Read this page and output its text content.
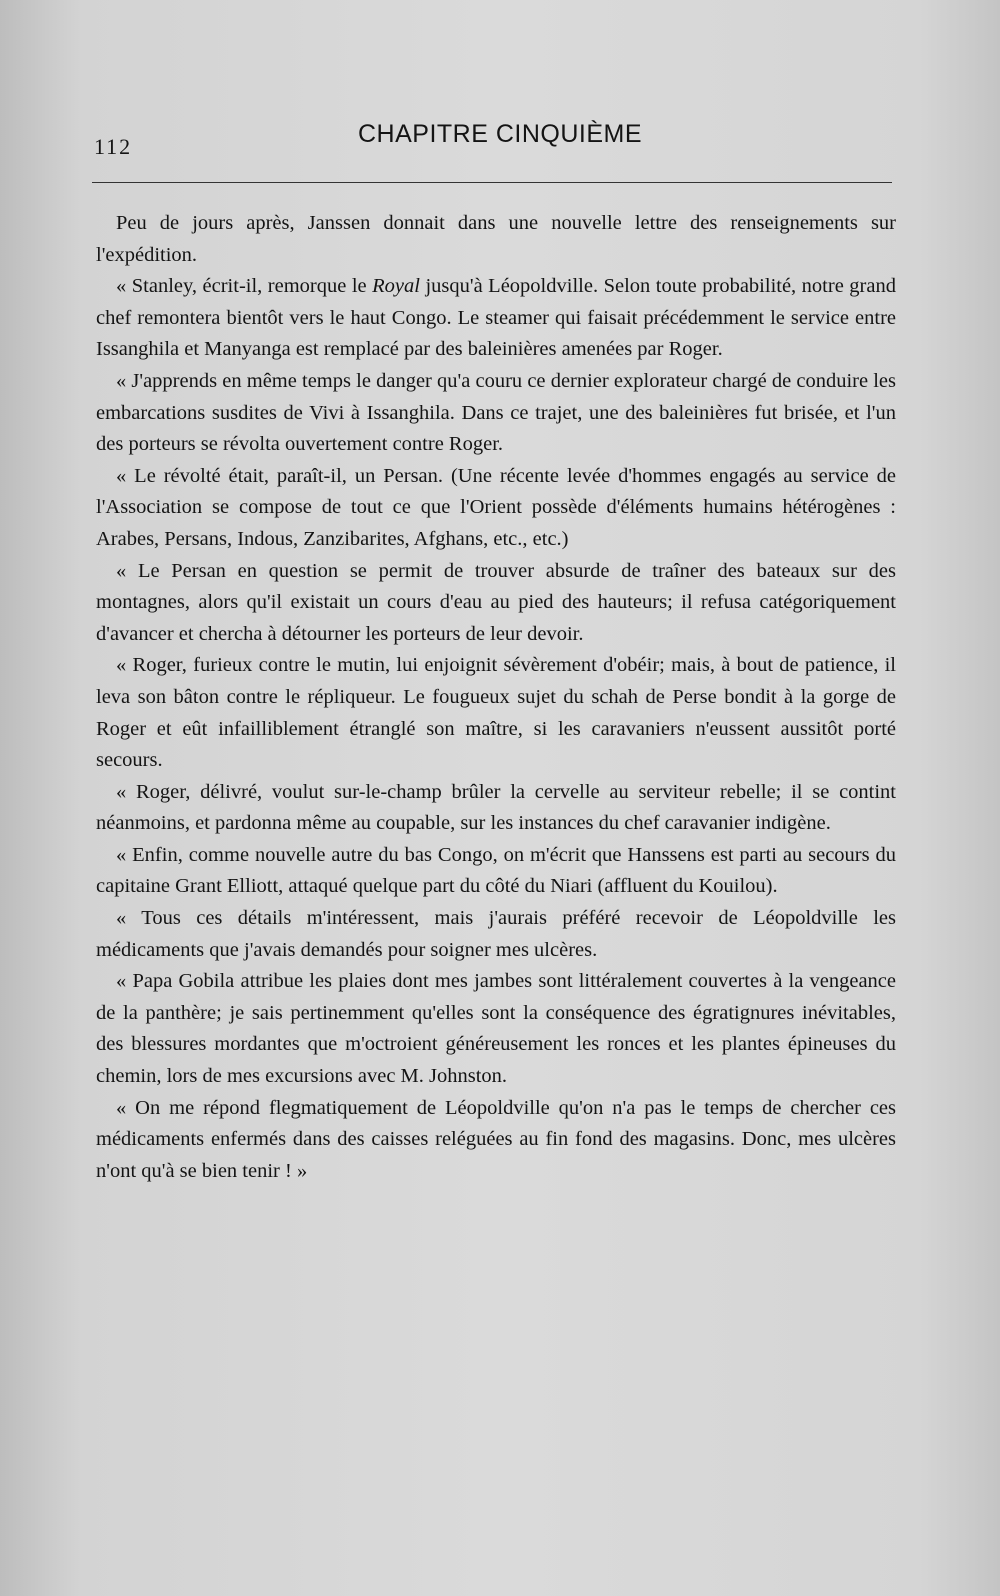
112	CHAPITRE CINQUIÈME

Peu de jours après, Janssen donnait dans une nouvelle lettre des renseignements sur l'expédition.

« Stanley, écrit-il, remorque le Royal jusqu'à Léopoldville. Selon toute probabilité, notre grand chef remontera bientôt vers le haut Congo. Le steamer qui faisait précédemment le service entre Issanghila et Manyanga est remplacé par des baleinières amenées par Roger.

« J'apprends en même temps le danger qu'a couru ce dernier explorateur chargé de conduire les embarcations susdites de Vivi à Issanghila. Dans ce trajet, une des baleinières fut brisée, et l'un des porteurs se révolta ouvertement contre Roger.

« Le révolté était, paraît-il, un Persan. (Une récente levée d'hommes engagés au service de l'Association se compose de tout ce que l'Orient possède d'éléments humains hétérogènes : Arabes, Persans, Indous, Zanzibarites, Afghans, etc., etc.)

« Le Persan en question se permit de trouver absurde de traîner des bateaux sur des montagnes, alors qu'il existait un cours d'eau au pied des hauteurs; il refusa catégoriquement d'avancer et chercha à détourner les porteurs de leur devoir.

« Roger, furieux contre le mutin, lui enjoignit sévèrement d'obéir; mais, à bout de patience, il leva son bâton contre le répliqueur. Le fougueux sujet du schah de Perse bondit à la gorge de Roger et eût infailliblement étranglé son maître, si les caravaniers n'eussent aussitôt porté secours.

« Roger, délivré, voulut sur-le-champ brûler la cervelle au serviteur rebelle; il se contint néanmoins, et pardonna même au coupable, sur les instances du chef caravanier indigène.

« Enfin, comme nouvelle autre du bas Congo, on m'écrit que Hanssens est parti au secours du capitaine Grant Elliott, attaqué quelque part du côté du Niari (affluent du Kouilou).

« Tous ces détails m'intéressent, mais j'aurais préféré recevoir de Léopoldville les médicaments que j'avais demandés pour soigner mes ulcères.

« Papa Gobila attribue les plaies dont mes jambes sont littéralement couvertes à la vengeance de la panthère; je sais pertinemment qu'elles sont la conséquence des égratignures inévitables, des blessures mordantes que m'octroient généreusement les ronces et les plantes épineuses du chemin, lors de mes excursions avec M. Johnston.

« On me répond flegmatiquement de Léopoldville qu'on n'a pas le temps de chercher ces médicaments enfermés dans des caisses reléguées au fin fond des magasins. Donc, mes ulcères n'ont qu'à se bien tenir ! »
